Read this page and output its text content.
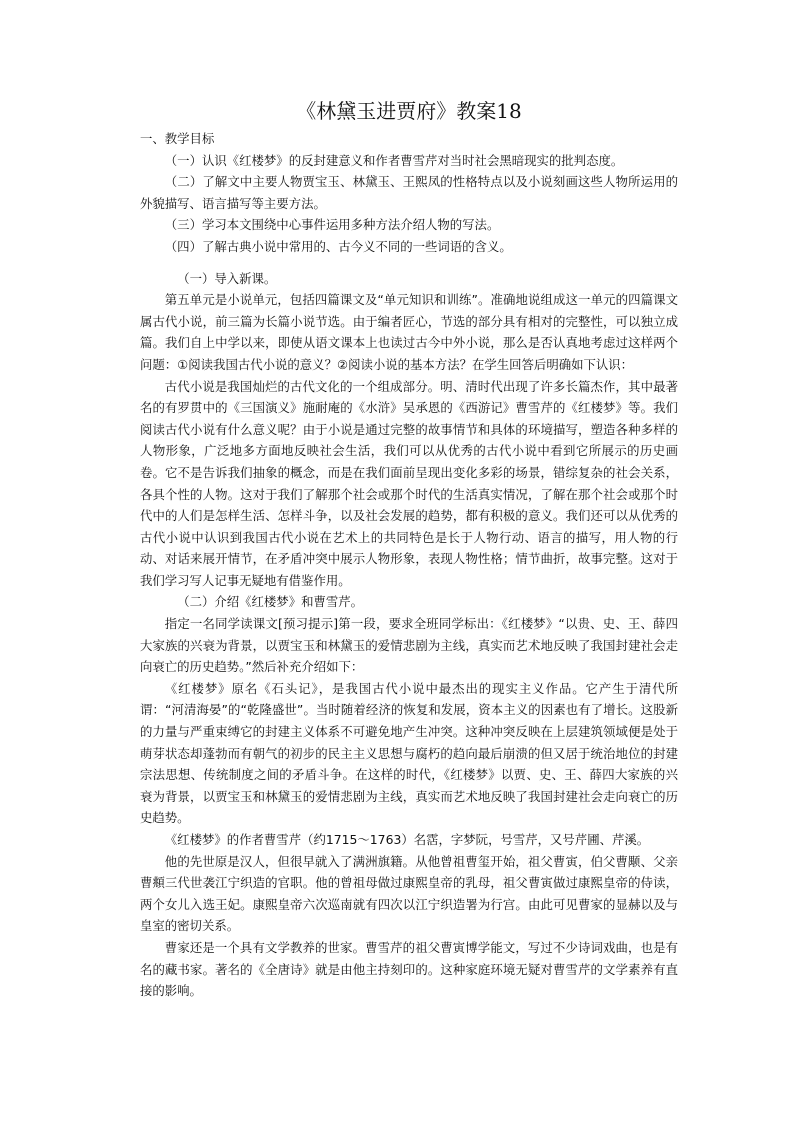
《林黛玉进贾府》教案18

一、教学目标

（一）认识《红楼梦》的反封建意义和作者曹雪芹对当时社会黑暗现实的批判态度。

（二）了解文中主要人物贾宝玉、林黛玉、王熙凤的性格特点以及小说刻画这些人物所运用的外貌描写、语言描写等主要方法。

（三）学习本文围绕中心事件运用多种方法介绍人物的写法。

（四）了解古典小说中常用的、古今义不同的一些词语的含义。

（一）导入新课。

第五单元是小说单元，包括四篇课文及“单元知识和训练”。准确地说组成这一单元的四篇课文属古代小说，前三篇为长篇小说节选。由于编者匠心，节选的部分具有相对的完整性，可以独立成篇。我们自上中学以来，即使从语文课本上也读过古今中外小说，那么是否认真地考虑过这样两个问题：①阅读我国古代小说的意义？②阅读小说的基本方法？在学生回答后明确如下认识：

古代小说是我国灿烂的古代文化的一个组成部分。明、清时代出现了许多长篇杰作，其中最著名的有罗贯中的《三国演义》施耐庵的《水浒》吴承恩的《西游记》曹雪芹的《红楼梦》等。我们阅读古代小说有什么意义呢？由于小说是通过完整的故事情节和具体的环境描写，塑造各种多样的人物形象，广泛地多方面地反映社会生活，我们可以从优秀的古代小说中看到它所展示的历史画卷。它不是告诉我们抽象的概念，而是在我们面前呈现出变化多彩的场景，错综复杂的社会关系，各具个性的人物。这对于我们了解那个社会或那个时代的生活真实情况，了解在那个社会或那个时代中的人们是怎样生活、怎样斗争，以及社会发展的趋势，都有积极的意义。我们还可以从优秀的古代小说中认识到我国古代小说在艺术上的共同特色是长于人物行动、语言的描写，用人物的行动、对话来展开情节，在矛盾冲突中展示人物形象，表现人物性格；情节曲折，故事完整。这对于我们学习写人记事无疑地有借鉴作用。

（二）介绍《红楼梦》和曹雪芹。

指定一名同学读课文[预习提示]第一段，要求全班同学标出：《红楼梦》“以贵、史、王、薛四大家族的兴衰为背景，以贾宝玉和林黛玉的爱情悲剧为主线，真实而艺术地反映了我国封建社会走向衰亡的历史趋势。”然后补充介绍如下：

《红楼梦》原名《石头记》，是我国古代小说中最杰出的现实主义作品。它产生于清代所谓：“河清海晏”的“乾隆盛世”。当时随着经济的恢复和发展，资本主义的因素也有了增长。这股新的力量与严重束缚它的封建主义体系不可避免地产生冲突。这种冲突反映在上层建筑领域便是处于萌芽状态却蓬勃而有朝气的初步的民主主义思想与腐朽的趋向最后崩溃的但又居于统治地位的封建宗法思想、传统制度之间的矛盾斗争。在这样的时代，《红楼梦》以贾、史、王、薛四大家族的兴衰为背景，以贾宝玉和林黛玉的爱情悲剧为主线，真实而艺术地反映了我国封建社会走向衰亡的历史趋势。

《红楼梦》的作者曹雪芹（约1715～1763）名霑，字梦阮，号雪芹，又号芹圃、芹溪。

他的先世原是汉人，但很早就入了满洲旗籍。从他曾祖曹玺开始，祖父曹寅，伯父曹颙、父亲曹頫三代世袭江宁织造的官职。他的曾祖母做过康熙皇帝的乳母，祖父曹寅做过康熙皇帝的侍读，两个女儿入选王妃。康熙皇帝六次巡南就有四次以江宁织造署为行宫。由此可见曹家的显赫以及与皇室的密切关系。

曹家还是一个具有文学教养的世家。曹雪芹的祖父曹寅博学能文，写过不少诗词戏曲，也是有名的藏书家。著名的《全唐诗》就是由他主持刻印的。这种家庭环境无疑对曹雪芹的文学素养有直接的影响。
